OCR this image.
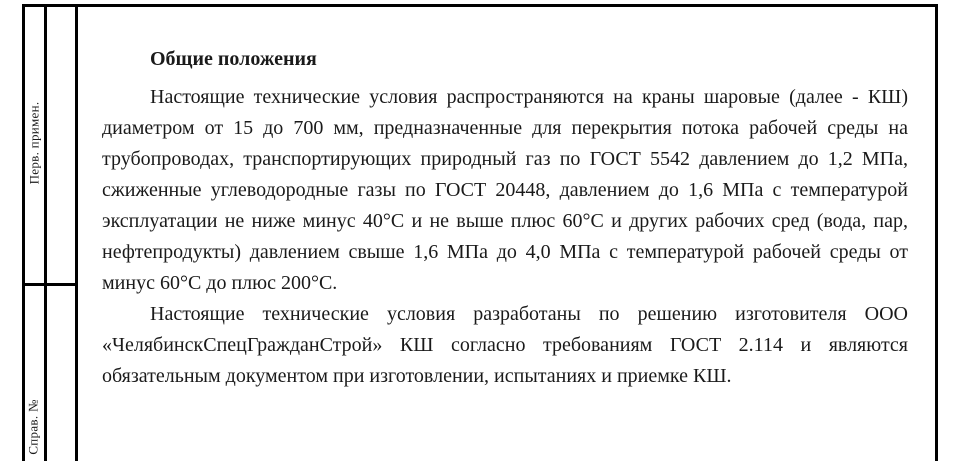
Перв. примен.
Справ. №

Общие положения

Настоящие технические условия распространяются на краны шаровые (далее - КШ) диаметром от 15 до 700 мм, предназначенные для перекрытия потока рабочей среды на трубопроводах, транспортирующих природный газ по ГОСТ 5542 давлением до 1,2 МПа, сжиженные углеводородные газы по ГОСТ 20448, давлением до 1,6 МПа с температурой эксплуатации не ниже минус 40°С и не выше плюс 60°С и других рабочих сред (вода, пар, нефтепродукты) давлением свыше 1,6 МПа до 4,0 МПа с температурой рабочей среды от минус 60°С до плюс 200°С.

Настоящие технические условия разработаны по решению изготовителя ООО «ЧелябинскСпецГражданСтрой» КШ согласно требованиям ГОСТ 2.114 и являются обязательным документом при изготовлении, испытаниях и приемке КШ.
